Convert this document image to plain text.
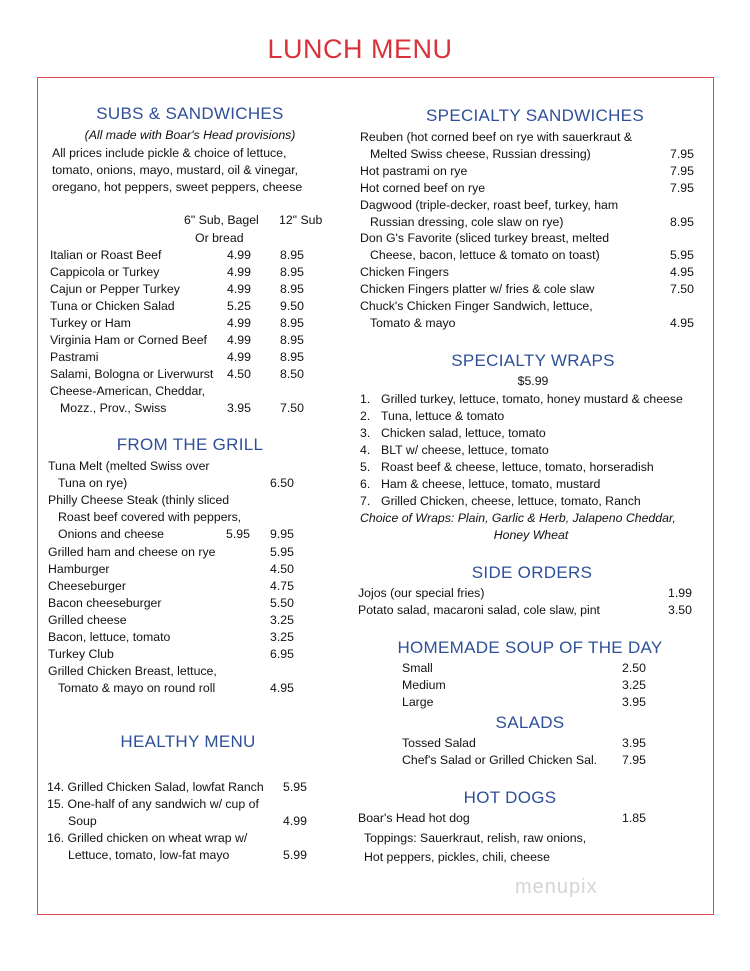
LUNCH MENU
menupix
SUBS & SANDWICHES
(All made with Boar's Head provisions)
All prices include pickle & choice of lettuce,
tomato, onions, mayo, mustard, oil & vinegar,
oregano, hot peppers, sweet peppers, cheese
6" Sub, Bagel
Or bread
12" Sub
Italian or Roast Beef	4.99 8.95
Cappicola or Turkey	4.99 8.95
Cajun or Pepper Turkey	4.99 8.95
Tuna or Chicken Salad	5.25 9.50
Turkey or Ham	4.99 8.95
Virginia Ham or Corned Beef 4.99 8.95
Pastrami	4.99 8.95
Salami, Bologna or Liverwurst 4.50 8.50
Cheese-American, Cheddar,
Mozz., Prov., Swiss	3.95 7.50
FROM THE GRILL
Tuna Melt (melted Swiss over
Tuna on rye)	6.50
Philly Cheese Steak (thinly sliced
Roast beef covered with peppers,
Onions and cheese	5.95 9.95
Grilled ham and cheese on rye	5.95
Hamburger	4.50
Cheeseburger	4.75
Bacon cheeseburger	5.50
Grilled cheese	3.25
Bacon, lettuce, tomato	3.25
Turkey Club	6.95
Grilled Chicken Breast, lettuce,
Tomato & mayo on round roll	4.95
HEALTHY MENU
14. Grilled Chicken Salad, lowfat Ranch 5.95
15. One-half of any sandwich w/ cup of
Soup	4.99
16. Grilled chicken on wheat wrap w/
Lettuce, tomato, low-fat mayo	5.99
SPECIALTY SANDWICHES
Reuben (hot corned beef on rye with sauerkraut &
Melted Swiss cheese, Russian dressing)	7.95
Hot pastrami on rye	7.95
Hot corned beef on rye	7.95
Dagwood (triple-decker, roast beef, turkey, ham
Russian dressing, cole slaw on rye)	8.95
Don G's Favorite (sliced turkey breast, melted
Cheese, bacon, lettuce & tomato on toast)	5.95
Chicken Fingers	4.95
Chicken Fingers platter w/ fries & cole slaw	7.50
Chuck's Chicken Finger Sandwich, lettuce,
Tomato & mayo	4.95
SPECIALTY WRAPS
$5.99
1. Grilled turkey, lettuce, tomato, honey mustard & cheese
2. Tuna, lettuce & tomato
3. Chicken salad, lettuce, tomato
4. BLT w/ cheese, lettuce, tomato
5. Roast beef & cheese, lettuce, tomato, horseradish
6. Ham & cheese, lettuce, tomato, mustard
7. Grilled Chicken, cheese, lettuce, tomato, Ranch
Choice of Wraps: Plain, Garlic & Herb, Jalapeno Cheddar,
Honey Wheat
SIDE ORDERS
Jojos (our special fries)	1.99
Potato salad, macaroni salad, cole slaw, pint	3.50
HOMEMADE SOUP OF THE DAY
Small	2.50
Medium	3.25
Large	3.95
SALADS
Tossed Salad	3.95
Chef's Salad or Grilled Chicken Sal. 7.95
HOT DOGS
Boar's Head hot dog	1.85
Toppings: Sauerkraut, relish, raw onions,
Hot peppers, pickles, chili, cheese
